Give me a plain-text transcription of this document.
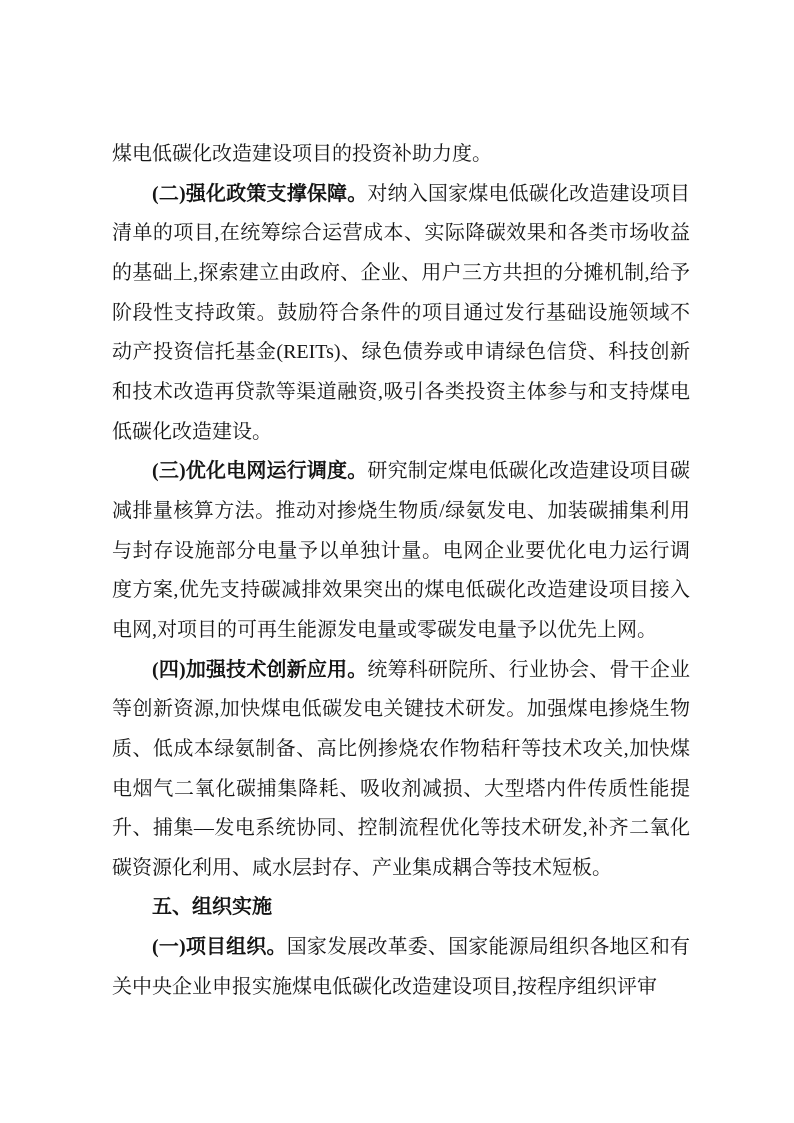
煤电低碳化改造建设项目的投资补助力度。

(二)强化政策支撑保障。对纳入国家煤电低碳化改造建设项目清单的项目,在统筹综合运营成本、实际降碳效果和各类市场收益的基础上,探索建立由政府、企业、用户三方共担的分摊机制,给予阶段性支持政策。鼓励符合条件的项目通过发行基础设施领域不动产投资信托基金(REITs)、绿色债券或申请绿色信贷、科技创新和技术改造再贷款等渠道融资,吸引各类投资主体参与和支持煤电低碳化改造建设。

(三)优化电网运行调度。研究制定煤电低碳化改造建设项目碳减排量核算方法。推动对掺烧生物质/绿氨发电、加装碳捕集利用与封存设施部分电量予以单独计量。电网企业要优化电力运行调度方案,优先支持碳减排效果突出的煤电低碳化改造建设项目接入电网,对项目的可再生能源发电量或零碳发电量予以优先上网。

(四)加强技术创新应用。统筹科研院所、行业协会、骨干企业等创新资源,加快煤电低碳发电关键技术研发。加强煤电掺烧生物质、低成本绿氨制备、高比例掺烧农作物秸秆等技术攻关,加快煤电烟气二氧化碳捕集降耗、吸收剂减损、大型塔内件传质性能提升、捕集—发电系统协同、控制流程优化等技术研发,补齐二氧化碳资源化利用、咸水层封存、产业集成耦合等技术短板。

五、组织实施

(一)项目组织。国家发展改革委、国家能源局组织各地区和有关中央企业申报实施煤电低碳化改造建设项目,按程序组织评审
